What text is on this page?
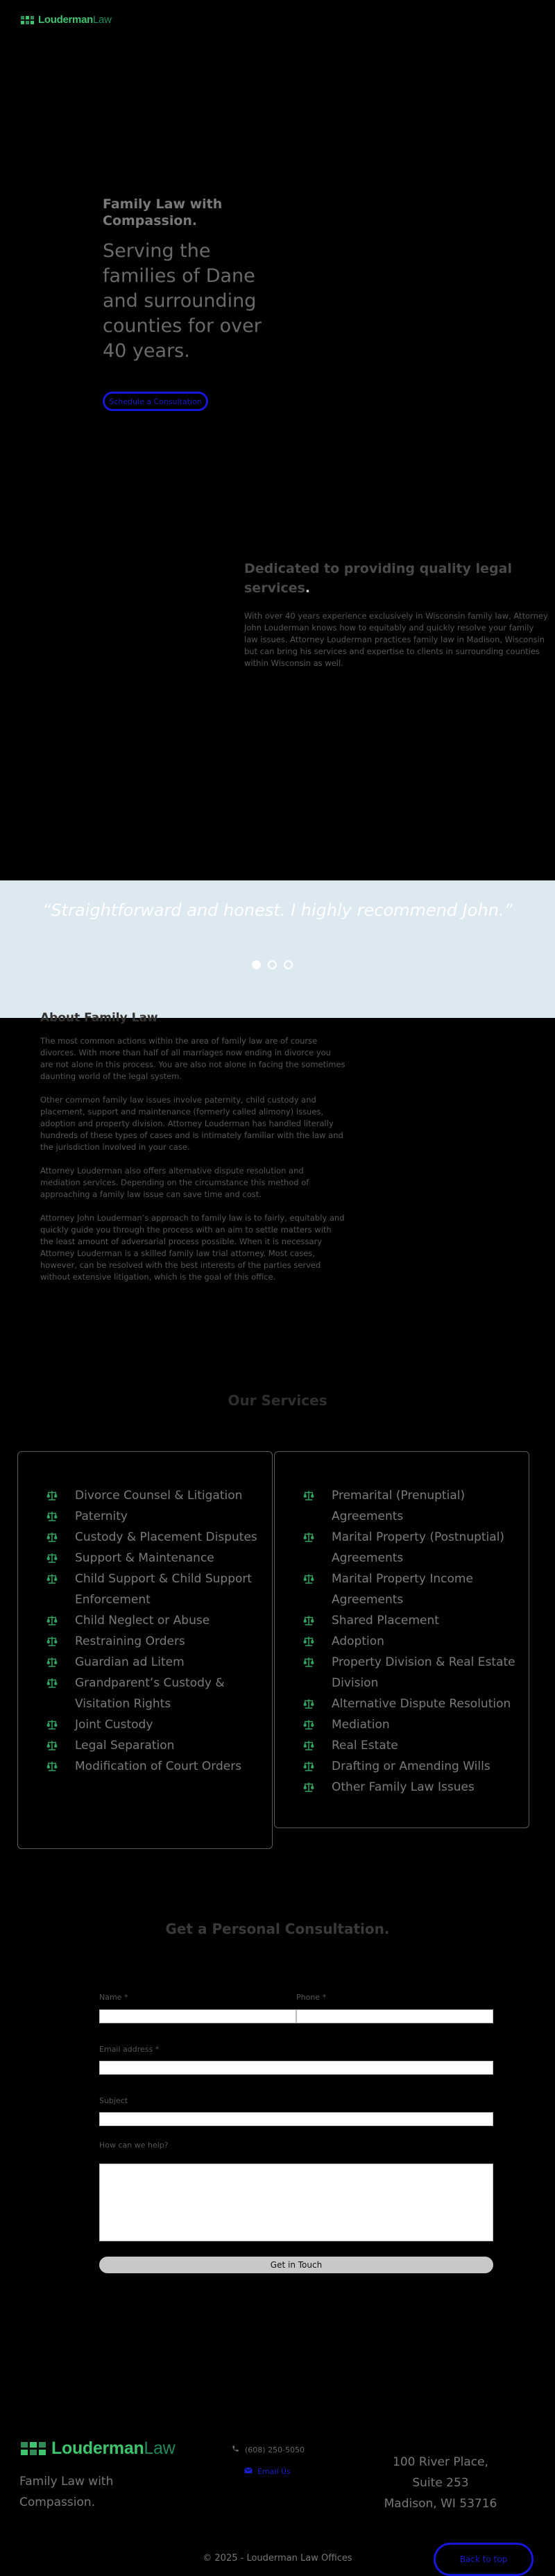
LoudermanLaw
Family Law with Compassion.

Serving the families of Dane and surrounding counties for over 40 years.

Schedule a Consultation
Dedicated to providing quality legal services.

With over 40 years experience exclusively in Wisconsin family law, Attorney John Louderman knows how to equitably and quickly resolve your family law issues. Attorney Louderman practices family law in Madison, Wisconsin but can bring his services and expertise to clients in surrounding counties within Wisconsin as well.

“Straightforward and honest. I highly recommend John.”
About Family Law

The most common actions within the area of family law are of course divorces. With more than half of all marriages now ending in divorce you are not alone in this process. You are also not alone in facing the sometimes daunting world of the legal system.

Other common family law issues involve paternity, child custody and placement, support and maintenance (formerly called alimony) issues, adoption and property division. Attorney Louderman has handled literally hundreds of these types of cases and is intimately familiar with the law and the jurisdiction involved in your case.

Attorney Louderman also offers alternative dispute resolution and mediation services. Depending on the circumstance this method of approaching a family law issue can save time and cost.

Attorney John Louderman’s approach to family law is to fairly, equitably and quickly guide you through the process with an aim to settle matters with the least amount of adversarial process possible. When it is necessary Attorney Louderman is a skilled family law trial attorney. Most cases, however, can be resolved with the best interests of the parties served without extensive litigation, which is the goal of this office.

Our Services
Divorce Counsel & Litigation
Paternity
Custody & Placement Disputes
Support & Maintenance
Child Support & Child Support Enforcement
Child Neglect or Abuse
Restraining Orders
Guardian ad Litem
Grandparent’s Custody & Visitation Rights
Joint Custody
Legal Separation
Modification of Court Orders
Premarital (Prenuptial) Agreements
Marital Property (Postnuptial) Agreements
Marital Property Income Agreements
Shared Placement
Adoption
Property Division & Real Estate Division
Alternative Dispute Resolution
Mediation
Real Estate
Drafting or Amending Wills
Other Family Law Issues
Get a Personal Consultation.
Name *	Phone *
Email address *
Subject
How can we help?
Get in Touch
LoudermanLaw
Family Law with Compassion.
(608) 250-5050
Email Us
100 River Place,
Suite 253
Madison, WI 53716
© 2025 - Louderman Law Offices	Back to top
